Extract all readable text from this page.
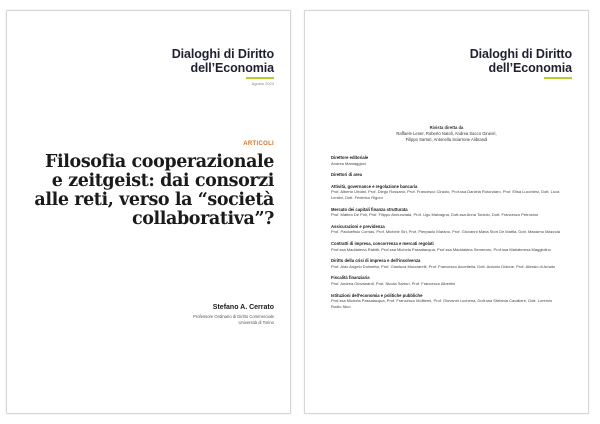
Dialoghi di Diritto
dell’Economia
Agosto 2024
ARTICOLI
Filosofia cooperazionale e zeitgeist: dai consorzi alle reti, verso la “società collaborativa”?
Stefano A. Cerrato
Professore Ordinario di Diritto Commerciale
Università di Torino
Dialoghi di Diritto
dell’Economia
Rivista diretta da
Raffaele Lener, Roberto Natoli, Andrea Sacco Ginevri,
Filippo Sartori, Antonella Sciarrone Alibrandi
Direttore editoriale
Andrea Mamaggiori
Direttori di area
Attività, governance e regolazione bancaria
Prof. Alberto Urbani, Prof. Diego Rossano, Prof. Francesco Ciraolo, Prof.ssa Daniela Rotondaro, Prof. Elisa Lucchiesi, Dott. Luca Lentini, Dott. Federico Rigoni
Mercato dei capitali finanza strutturata
Prof. Matteo De Poli, Prof. Filippo Annunziata, Prof. Ugo Malvagna, Dott.ssa Anna Toniolo, Dott. Francesco Petrosino
Assicurazioni e previdenza
Prof. Paoloefisio Corrias, Prof. Michele Siri, Prof. Pierpaolo Marano, Prof. Giovanni Maria Stori De Mattia, Dott. Massimo Mazzola
Contratti di impresa, concorrenza e mercati regolati
Prof.ssa Maddalena Rabitti, Prof.ssa Michela Passalacqua, Prof.ssa Maddalena Semeraro, Prof.ssa Mariateresa Maggiolino
Diritto della crisi di impresa e dell’insolvenza
Prof. Aldo Angelo Dolmetta, Prof. Gianluca Mucciarelli, Prof. Francesco Accettella, Dott. Antonio Didone, Prof. Alessio di Amato
Fiscalità finanziaria
Prof. Andrea Giovanardi, Prof. Nicola Sartori, Prof. Francesco Albertini
Istituzioni dell’economia e politiche pubbliche
Prof.ssa Michela Passalacqua, Prof. Francesco Moliterni, Prof. Giovanni Luchena, Dott.ssa Stefania Cavaliere, Dott. Lorenzo Rodio Nico
